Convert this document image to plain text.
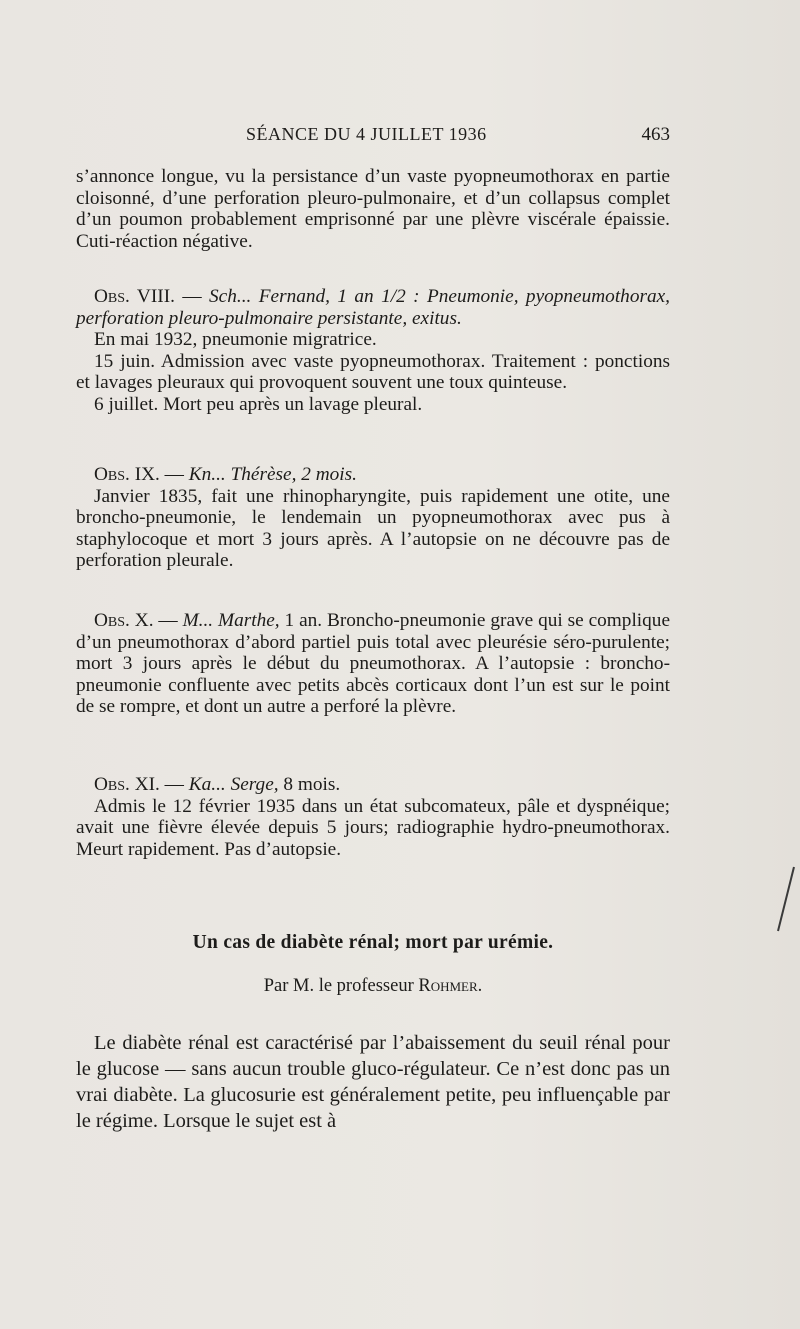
SÉANCE DU 4 JUILLET 1936	463

s’annonce longue, vu la persistance d’un vaste pyopneumothorax en partie cloisonné, d’une perforation pleuro-pulmonaire, et d’un collapsus complet d’un poumon probablement emprisonné par une plèvre viscérale épaissie. Cuti-réaction négative.

Obs. VIII. — Sch... Fernand, 1 an 1/2 : Pneumonie, pyopneumothorax, perforation pleuro-pulmonaire persistante, exitus.

En mai 1932, pneumonie migratrice.

15 juin. Admission avec vaste pyopneumothorax. Traitement : ponctions et lavages pleuraux qui provoquent souvent une toux quinteuse.

6 juillet. Mort peu après un lavage pleural.

Obs. IX. — Kn... Thérèse, 2 mois.

Janvier 1835, fait une rhinopharyngite, puis rapidement une otite, une broncho-pneumonie, le lendemain un pyopneumothorax avec pus à staphylocoque et mort 3 jours après. A l’autopsie on ne découvre pas de perforation pleurale.

Obs. X. — M... Marthe, 1 an. Broncho-pneumonie grave qui se complique d’un pneumothorax d’abord partiel puis total avec pleurésie séro-purulente; mort 3 jours après le début du pneumothorax. A l’autopsie : broncho-pneumonie confluente avec petits abcès corticaux dont l’un est sur le point de se rompre, et dont un autre a perforé la plèvre.

Obs. XI. — Ka... Serge, 8 mois.

Admis le 12 février 1935 dans un état subcomateux, pâle et dyspnéique; avait une fièvre élevée depuis 5 jours; radiographie hydro-pneumothorax. Meurt rapidement. Pas d’autopsie.

Un cas de diabète rénal; mort par urémie.
Par M. le professeur Rohmer.

Le diabète rénal est caractérisé par l’abaissement du seuil rénal pour le glucose — sans aucun trouble gluco-régulateur. Ce n’est donc pas un vrai diabète. La glucosurie est généralement petite, peu influençable par le régime. Lorsque le sujet est à
